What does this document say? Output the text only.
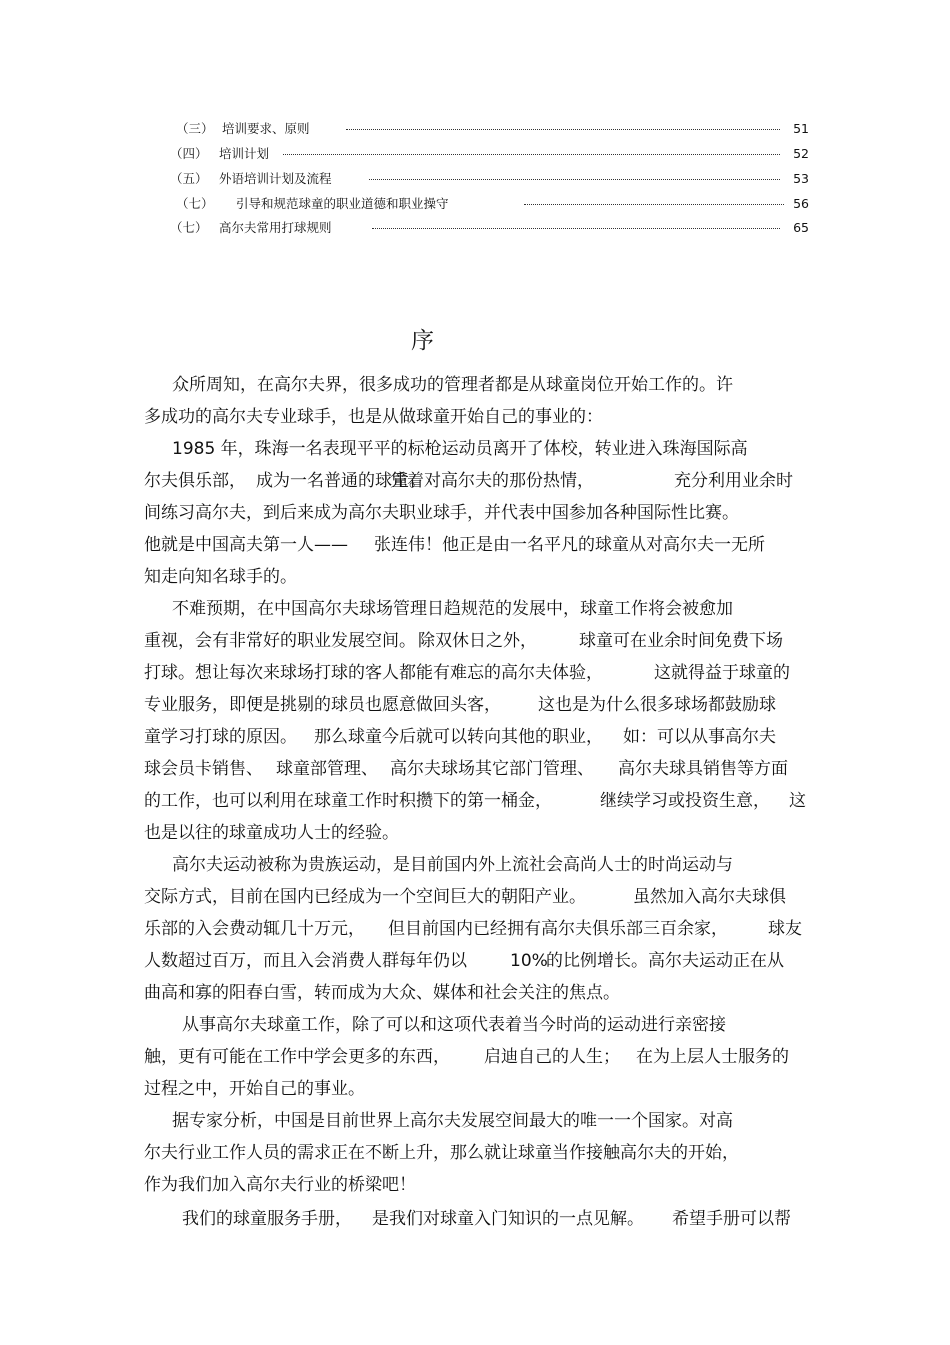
（三） 培训要求、原则	51
（四） 培训计划	52
（五） 外语培训计划及流程	53
（七） 引导和规范球童的职业道德和职业操守	56
（七） 高尔夫常用打球规则	65
序
众所周知，在高尔夫界，很多成功的管理者都是从球童岗位开始工作的。许
多成功的高尔夫专业球手，也是从做球童开始自己的事业的：
1985 年，珠海一名表现平平的标枪运动员离开了体校，转业进入珠海国际高
尔夫俱乐部， 成为一名普通的球童。
凭着对高尔夫的那份热情，	充分利用业余时
间练习高尔夫，到后来成为高尔夫职业球手，并代表中国参加各种国际性比赛。
他就是中国高夫第一人—— 张连伟！他正是由一名平凡的球童从对高尔夫一无所
知走向知名球手的。
不难预期，在中国高尔夫球场管理日趋规范的发展中，球童工作将会被愈加
重视，会有非常好的职业发展空间。 除双休日之外， 球童可在业余时间免费下场
打球。想让每次来球场打球的客人都能有难忘的高尔夫体验，	这就得益于球童的
专业服务，即便是挑剔的球员也愿意做回头客， 这也是为什么很多球场都鼓励球
童学习打球的原因。 那么球童今后就可以转向其他的职业， 如：可以从事高尔夫
球会员卡销售、 球童部管理、 高尔夫球场其它部门管理、 高尔夫球具销售等方面
的工作，也可以利用在球童工作时积攒下的第一桶金，	继续学习或投资生意， 这
也是以往的球童成功人士的经验。
高尔夫运动被称为贵族运动，是目前国内外上流社会高尚人士的时尚运动与
交际方式，目前在国内已经成为一个空间巨大的朝阳产业。	虽然加入高尔夫球俱
乐部的入会费动辄几十万元， 但目前国内已经拥有高尔夫俱乐部三百余家， 球友
人数超过百万，而且入会消费人群每年仍以	10%
的比例增长。高尔夫运动正在从
曲高和寡的阳春白雪，转而成为大众、媒体和社会关注的焦点。
从事高尔夫球童工作，除了可以和这项代表着当今时尚的运动进行亲密接
触，更有可能在工作中学会更多的东西， 启迪自己的人生； 在为上层人士服务的
过程之中，开始自己的事业。
据专家分析，中国是目前世界上高尔夫发展空间最大的唯一一个国家。对高
尔夫行业工作人员的需求正在不断上升，那么就让球童当作接触高尔夫的开始，
作为我们加入高尔夫行业的桥梁吧！
我们的球童服务手册， 是我们对球童入门知识的一点见解。 希望手册可以帮
